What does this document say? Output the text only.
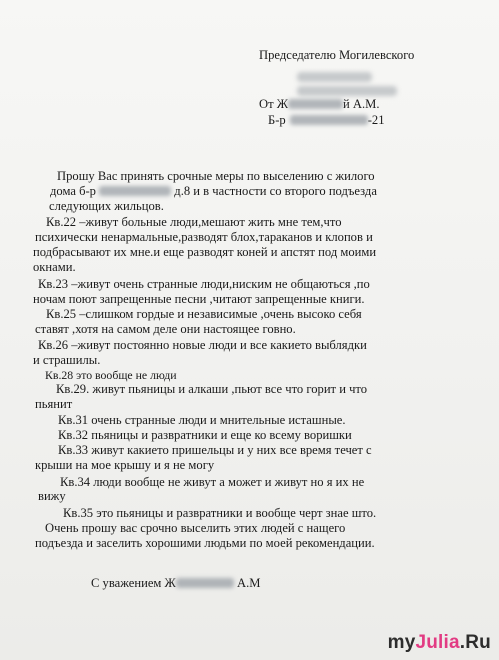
Председателю Могилевского
От Ж	й А.М.
Б-р	-21
Прошу Вас принять срочные меры по выселению с жилого
дома б-р	д.8 и в частности со второго подъезда
следующих жильцов.
Кв.22 –живут больные люди,мешают жить мне тем,что
психически ненармальные,разводят блох,тараканов и клопов и
подбрасывают их мне.и еще разводят коней и апстят под моими
окнами.
Кв.23 –живут очень странные люди,ниским не общаються ,по
ночам поют запрещенные песни ,читают запрещенные книги.
Кв.25 –слишком гордые и независимые ,очень высоко себя
ставят ,хотя на самом деле они настоящее говно.
Кв.26 –живут постоянно новые люди и все какието выблядки
и страшилы.
Кв.28 это вообще не люди
Кв.29. живут пьяницы и алкаши ,пьют все что горит и что
пьянит
Кв.31 очень странные люди и мнительные исташные.
Кв.32 пьяницы и развратники и еще ко всему воришки
Кв.33 живут какието пришельцы и у них все время течет с
крыши на мое крышу и я не могу
Кв.34 люди вообще не живут а может и живут но я их не
вижу
Кв.35 это пьяницы и развратники и вообще черт знае што.
Очень прошу вас срочно выселить этих людей с нащего
подъезда и заселить хорошими людьми по моей рекомендации.
С уважением Ж	А.М
myJulia.Ru
